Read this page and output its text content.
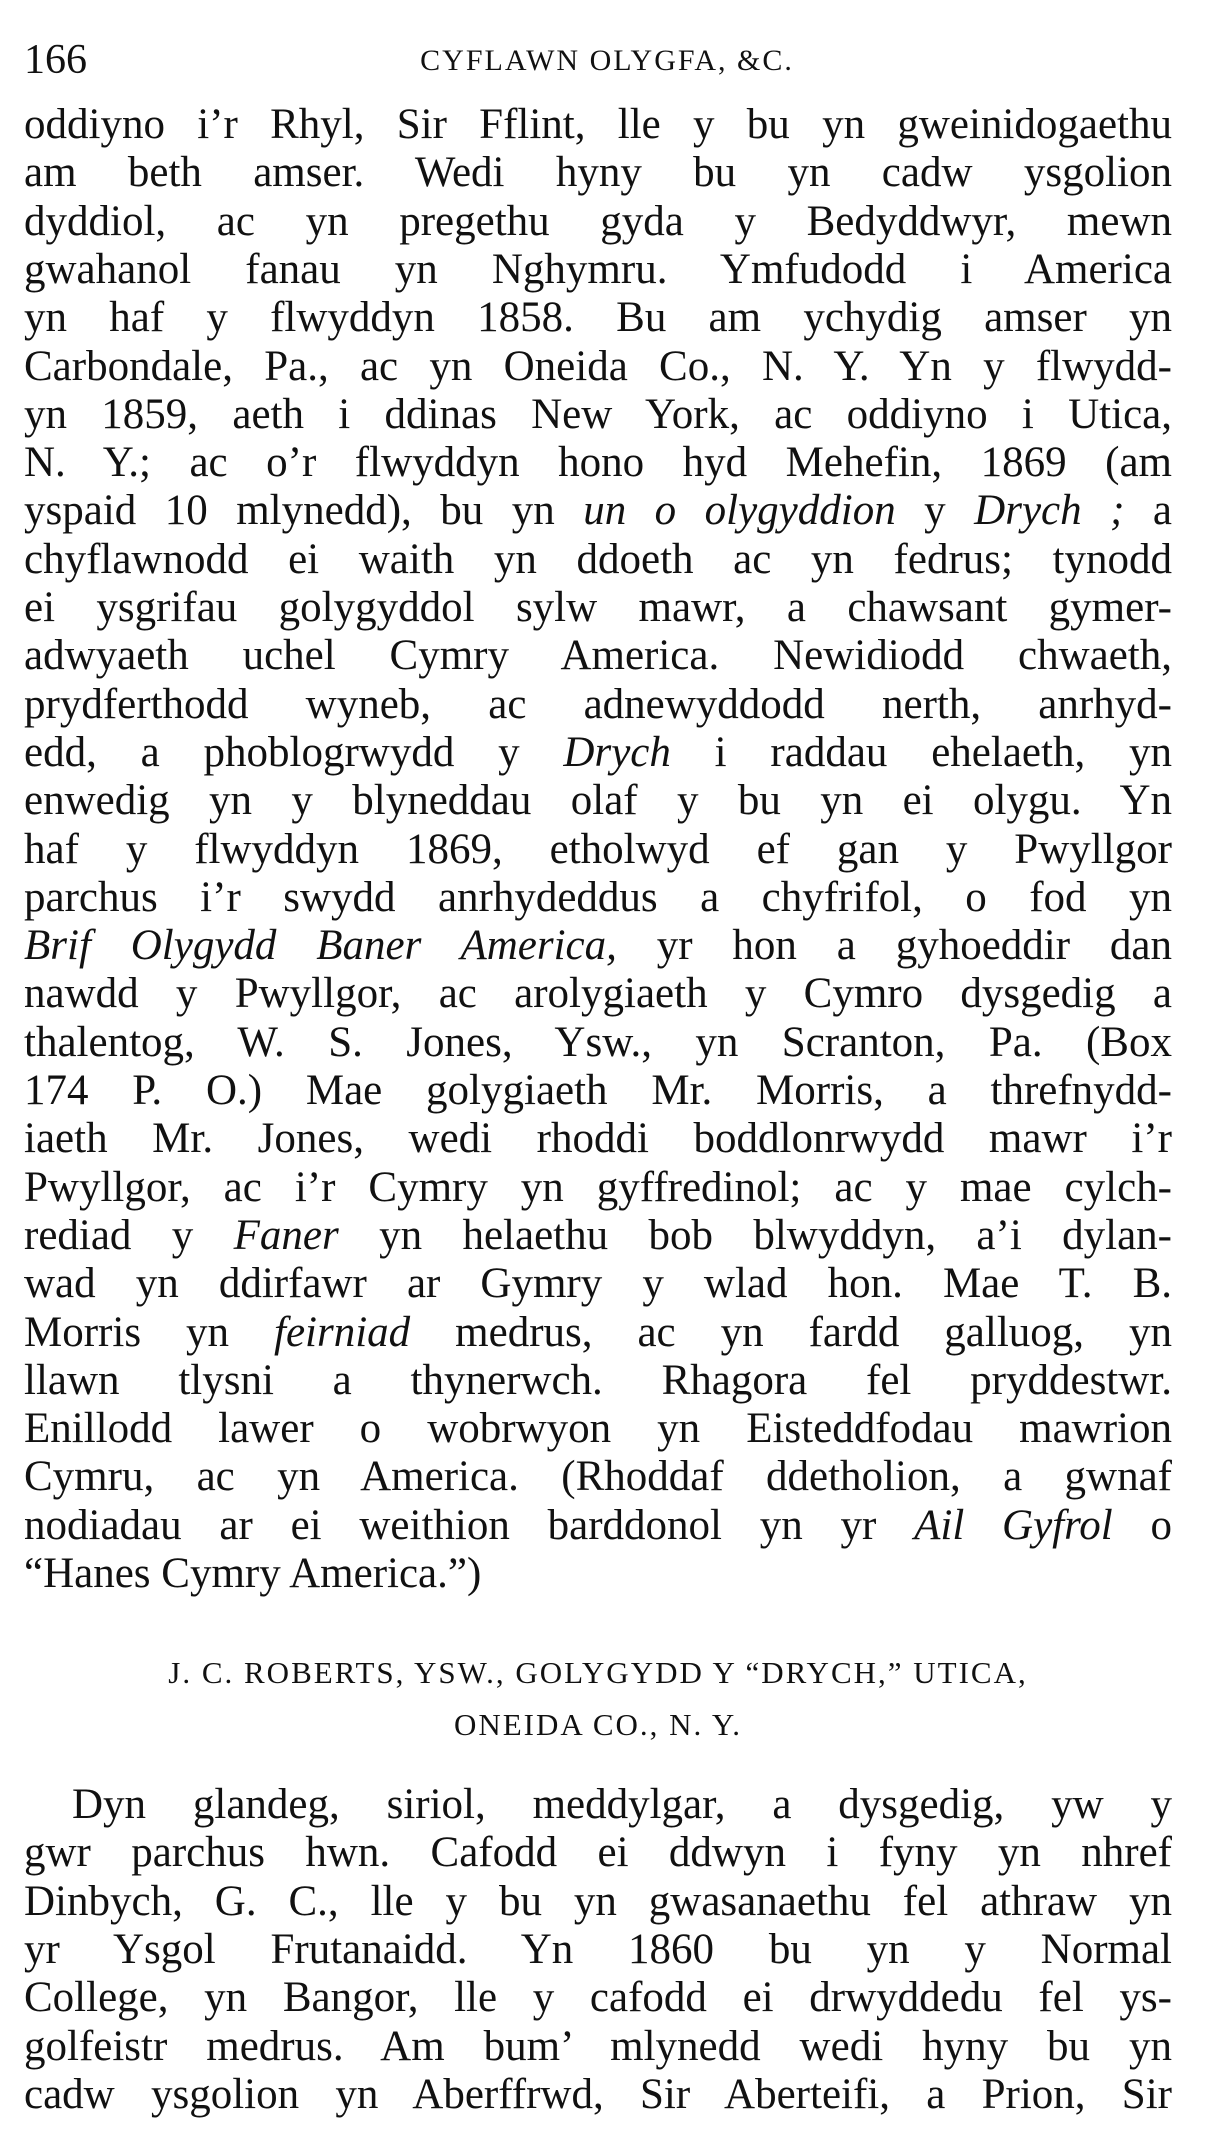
166	CYFLAWN OLYGFA, &C.
oddiyno i’r Rhyl, Sir Fflint, lle y bu yn gweinidogaethu
am beth amser. Wedi hyny bu yn cadw ysgolion
dyddiol, ac yn pregethu gyda y Bedyddwyr, mewn
gwahanol fanau yn Nghymru. Ymfudodd i America
yn haf y flwyddyn 1858. Bu am ychydig amser yn
Carbondale, Pa., ac yn Oneida Co., N. Y. Yn y flwydd-
yn 1859, aeth i ddinas New York, ac oddiyno i Utica,
N. Y.; ac o’r flwyddyn hono hyd Mehefin, 1869 (am
yspaid 10 mlynedd), bu yn un o olygyddion y Drych ; a
chyflawnodd ei waith yn ddoeth ac yn fedrus; tynodd
ei ysgrifau golygyddol sylw mawr, a chawsant gymer-
adwyaeth uchel Cymry America. Newidiodd chwaeth,
prydferthodd wyneb, ac adnewyddodd nerth, anrhyd-
edd, a phoblogrwydd y Drych i raddau ehelaeth, yn
enwedig yn y blyneddau olaf y bu yn ei olygu. Yn
haf y flwyddyn 1869, etholwyd ef gan y Pwyllgor
parchus i’r swydd anrhydeddus a chyfrifol, o fod yn
Brif Olygydd Baner America, yr hon a gyhoeddir dan
nawdd y Pwyllgor, ac arolygiaeth y Cymro dysgedig a
thalentog, W. S. Jones, Ysw., yn Scranton, Pa. (Box
174 P. O.) Mae golygiaeth Mr. Morris, a threfnydd-
iaeth Mr. Jones, wedi rhoddi boddlonrwydd mawr i’r
Pwyllgor, ac i’r Cymry yn gyffredinol; ac y mae cylch-
rediad y Faner yn helaethu bob blwyddyn, a’i dylan-
wad yn ddirfawr ar Gymry y wlad hon. Mae T. B.
Morris yn feirniad medrus, ac yn fardd galluog, yn
llawn tlysni a thynerwch. Rhagora fel pryddestwr.
Enillodd lawer o wobrwyon yn Eisteddfodau mawrion
Cymru, ac yn America. (Rhoddaf ddetholion, a gwnaf
nodiadau ar ei weithion barddonol yn yr Ail Gyfrol o
“Hanes Cymry America.”)
J. C. ROBERTS, YSW., GOLYGYDD Y “DRYCH,” UTICA,
ONEIDA CO., N. Y.
Dyn glandeg, siriol, meddylgar, a dysgedig, yw y
gwr parchus hwn. Cafodd ei ddwyn i fyny yn nhref
Dinbych, G. C., lle y bu yn gwasanaethu fel athraw yn
yr Ysgol Frutanaidd. Yn 1860 bu yn y Normal
College, yn Bangor, lle y cafodd ei drwyddedu fel ys-
golfeistr medrus. Am bum’ mlynedd wedi hyny bu yn
cadw ysgolion yn Aberffrwd, Sir Aberteifi, a Prion, Sir
